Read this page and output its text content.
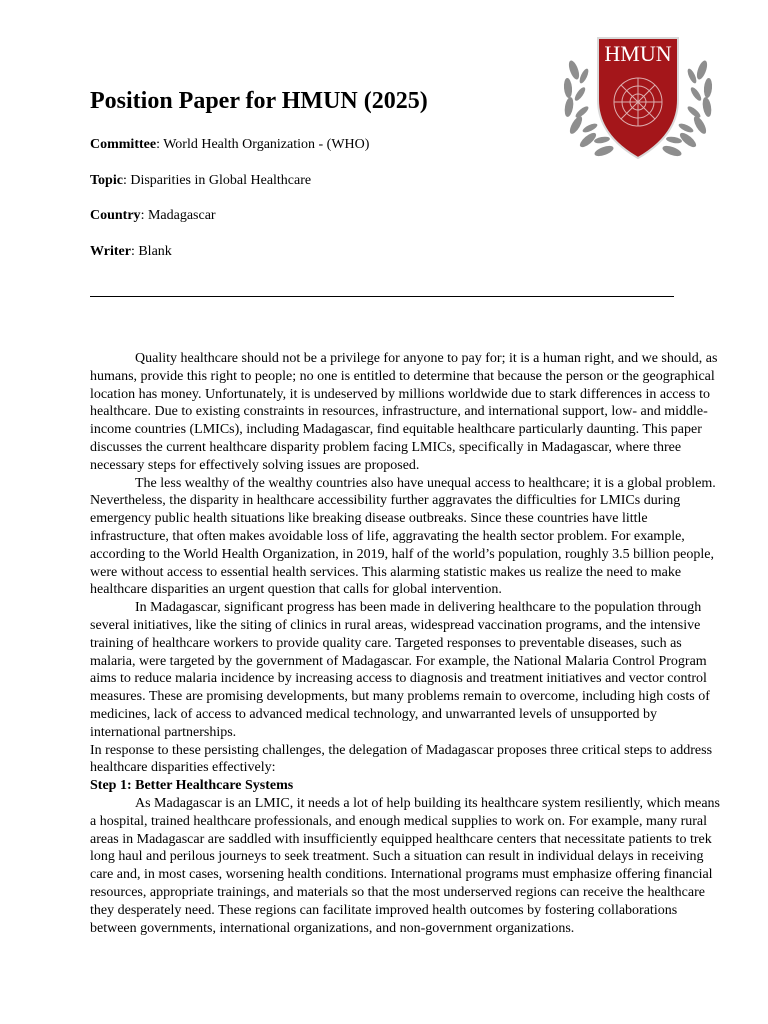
HMUN
Position Paper for HMUN (2025)

Committee: World Health Organization - (WHO)

Topic: Disparities in Global Healthcare

Country: Madagascar

Writer: Blank

Quality healthcare should not be a privilege for anyone to pay for; it is a human right, and we should, as humans, provide this right to people; no one is entitled to determine that because the person or the geographical location has money. Unfortunately, it is undeserved by millions worldwide due to stark differences in access to healthcare. Due to existing constraints in resources, infrastructure, and international support, low- and middle-income countries (LMICs), including Madagascar, find equitable healthcare particularly daunting. This paper discusses the current healthcare disparity problem facing LMICs, specifically in Madagascar, where three necessary steps for effectively solving issues are proposed.

The less wealthy of the wealthy countries also have unequal access to healthcare; it is a global problem. Nevertheless, the disparity in healthcare accessibility further aggravates the difficulties for LMICs during emergency public health situations like breaking disease outbreaks. Since these countries have little infrastructure, that often makes avoidable loss of life, aggravating the health sector problem. For example, according to the World Health Organization, in 2019, half of the world’s population, roughly 3.5 billion people, were without access to essential health services. This alarming statistic makes us realize the need to make healthcare disparities an urgent question that calls for global intervention.

In Madagascar, significant progress has been made in delivering healthcare to the population through several initiatives, like the siting of clinics in rural areas, widespread vaccination programs, and the intensive training of healthcare workers to provide quality care. Targeted responses to preventable diseases, such as malaria, were targeted by the government of Madagascar. For example, the National Malaria Control Program aims to reduce malaria incidence by increasing access to diagnosis and treatment initiatives and vector control measures. These are promising developments, but many problems remain to overcome, including high costs of medicines, lack of access to advanced medical technology, and unwarranted levels of unsupported by international partnerships.

In response to these persisting challenges, the delegation of Madagascar proposes three critical steps to address healthcare disparities effectively:

Step 1: Better Healthcare Systems

As Madagascar is an LMIC, it needs a lot of help building its healthcare system resiliently, which means a hospital, trained healthcare professionals, and enough medical supplies to work on. For example, many rural areas in Madagascar are saddled with insufficiently equipped healthcare centers that necessitate patients to trek long haul and perilous journeys to seek treatment. Such a situation can result in individual delays in receiving care and, in most cases, worsening health conditions. International programs must emphasize offering financial resources, appropriate trainings, and materials so that the most underserved regions can receive the healthcare they desperately need. These regions can facilitate improved health outcomes by fostering collaborations between governments, international organizations, and non-government organizations.
